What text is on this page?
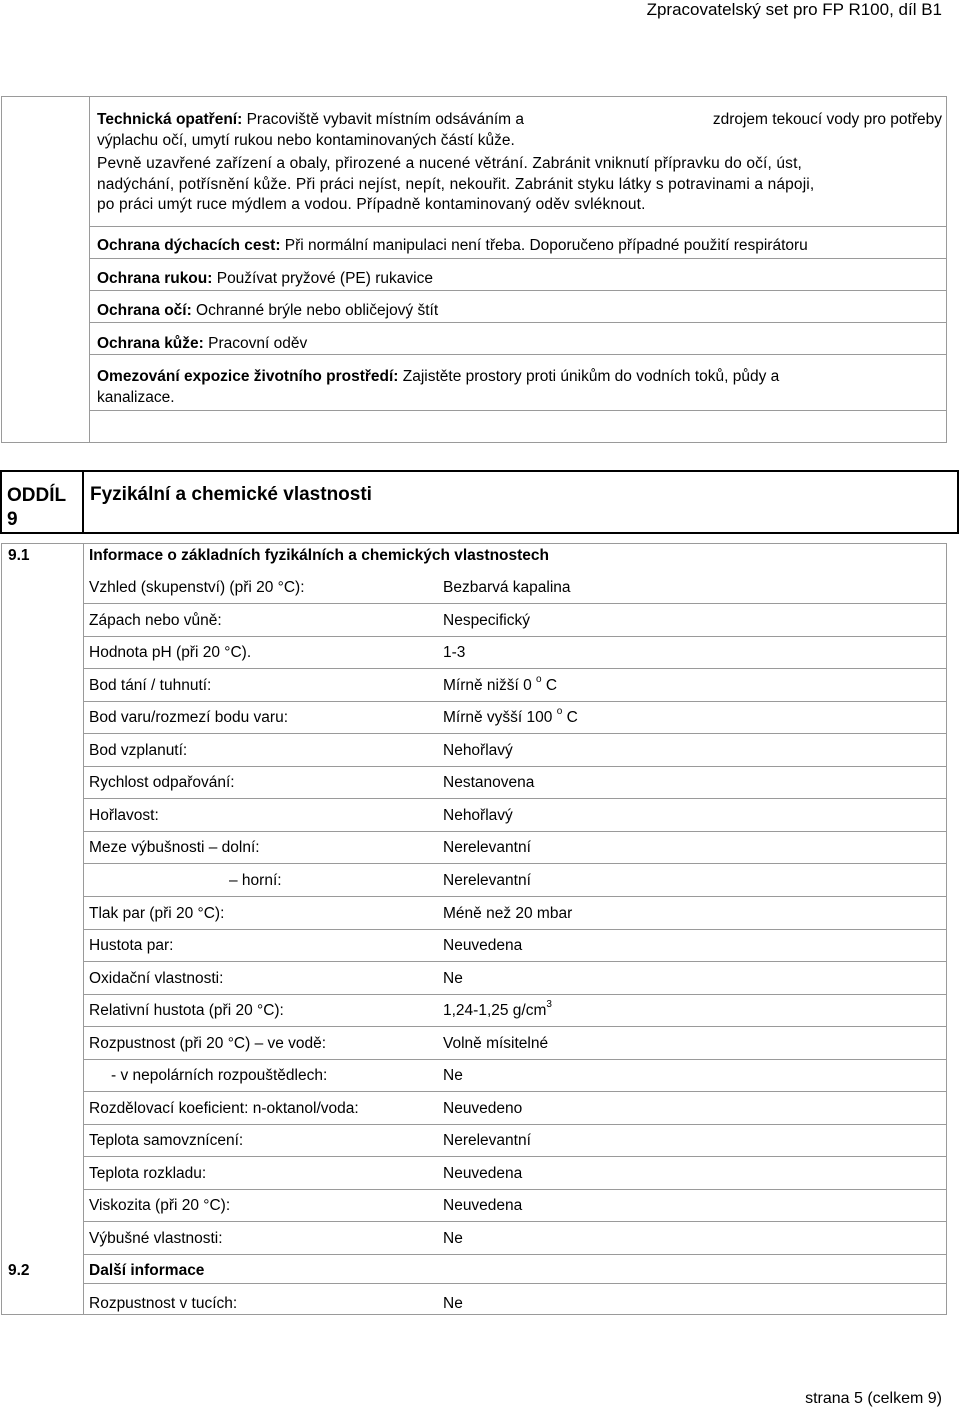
Zpracovatelský set pro FP R100, díl B1
Technická opatření: Pracoviště vybavit místním odsáváním a	zdrojem tekoucí vody pro potřeby
výplachu očí, umytí rukou nebo kontaminovaných částí kůže.
Pevně uzavřené zařízení a obaly, přirozené a nucené větrání. Zabránit vniknutí přípravku do očí, úst,
nadýchání, potřísnění kůže. Při práci nejíst, nepít, nekouřit. Zabránit styku látky s potravinami a nápoji,
po práci umýt ruce mýdlem a vodou. Případně kontaminovaný oděv svléknout.
Ochrana dýchacích cest: Při normální manipulaci není třeba. Doporučeno případné použití respirátoru
Ochrana rukou: Používat pryžové (PE) rukavice
Ochrana očí: Ochranné brýle nebo obličejový štít
Ochrana kůže: Pracovní oděv
Omezování expozice životního prostředí: Zajistěte prostory proti únikům do vodních toků, půdy a
kanalizace.
ODDÍL
9
Fyzikální a chemické vlastnosti
9.1	Informace o základních fyzikálních a chemických vlastnostech
Vzhled (skupenství) (při 20 °C):	Bezbarvá kapalina
Zápach nebo vůně:	Nespecifický
Hodnota pH (při 20 °C).	1-3
Bod tání / tuhnutí:	Mírně nižší 0 $^o$ C
Bod varu/rozmezí bodu varu:	Mírně vyšší 100 $^o$ C
Bod vzplanutí:	Nehořlavý
Rychlost odpařování:	Nestanovena
Hořlavost:	Nehořlavý
Meze výbušnosti – dolní:	Nerelevantní
– horní:	Nerelevantní
Tlak par (při 20 °C):	Méně než 20 mbar
Hustota par:	Neuvedena
Oxidační vlastnosti:	Ne
Relativní hustota (při 20 °C):	1,24-1,25 $g/cm^3$
Rozpustnost (při 20 °C) – ve vodě:	Volně mísitelné
- v nepolárních rozpouštědlech:	Ne
Rozdělovací koeficient: n-oktanol/voda:	Neuvedeno
Teplota samovznícení:	Nerelevantní
Teplota rozkladu:	Neuvedena
Viskozita (při 20 °C):	Neuvedena
Výbušné vlastnosti:	Ne
9.2	Další informace
Rozpustnost v tucích:	Ne
strana 5 (celkem 9)
